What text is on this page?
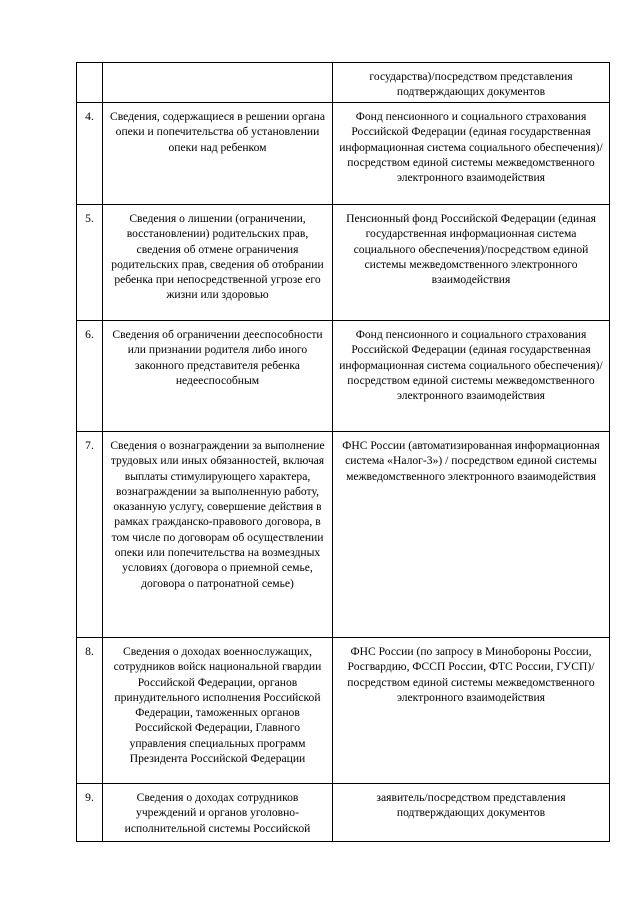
		государства)/посредством представления подтверждающих документов
4.	Сведения, содержащиеся в решении органа опеки и попечительства об установлении опеки над ребенком	Фонд пенсионного и социального страхования Российской Федерации (единая государственная информационная система социального обеспечения)/посредством единой системы межведомственного электронного взаимодействия
5.	Сведения о лишении (ограничении, восстановлении) родительских прав, сведения об отмене ограничения родительских прав, сведения об отобрании ребенка при непосредственной угрозе его жизни или здоровью	Пенсионный фонд Российской Федерации (единая государственная информационная система социального обеспечения)/посредством единой системы межведомственного электронного взаимодействия
6.	Сведения об ограничении дееспособности или признании родителя либо иного законного представителя ребенка недееспособным	Фонд пенсионного и социального страхования Российской Федерации (единая государственная информационная система социального обеспечения)/посредством единой системы межведомственного электронного взаимодействия
7.	Сведения о вознаграждении за выполнение трудовых или иных обязанностей, включая выплаты стимулирующего характера, вознаграждении за выполненную работу, оказанную услугу, совершение действия в рамках гражданско-правового договора, в том числе по договорам об осуществлении опеки или попечительства на возмездных условиях (договора о приемной семье, договора о патронатной семье)	ФНС России (автоматизированная информационная система «Налог-3») / посредством единой системы межведомственного электронного взаимодействия
8.	Сведения о доходах военнослужащих, сотрудников войск национальной гвардии Российской Федерации, органов принудительного исполнения Российской Федерации, таможенных органов Российской Федерации, Главного управления специальных программ Президента Российской Федерации	ФНС России (по запросу в Минобороны России, Росгвардию, ФССП России, ФТС России, ГУСП)/посредством единой системы межведомственного электронного взаимодействия
9.	Сведения о доходах сотрудников учреждений и органов уголовно-исполнительной системы Российской	заявитель/посредством представления подтверждающих документов
